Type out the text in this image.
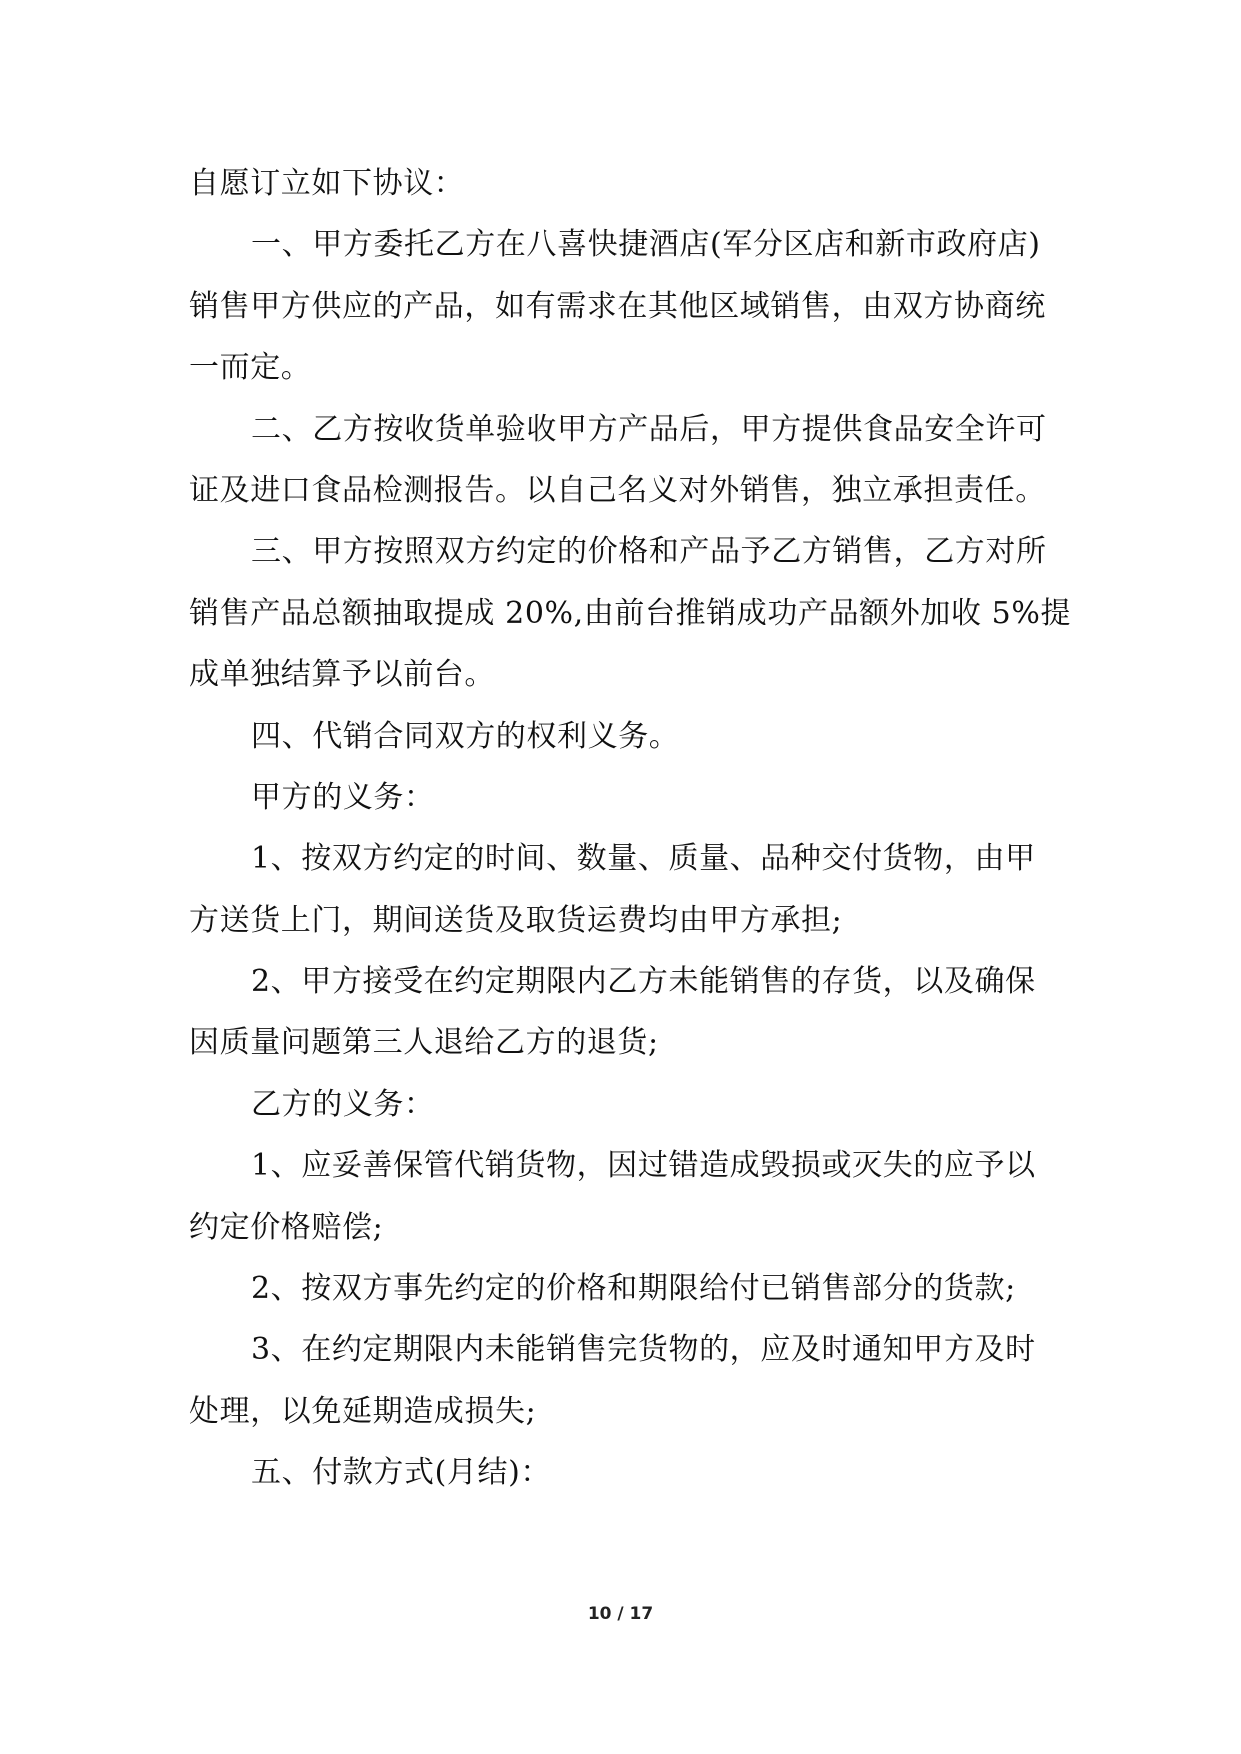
自愿订立如下协议：
一、甲方委托乙方在八喜快捷酒店(军分区店和新市政府店)
销售甲方供应的产品，如有需求在其他区域销售，由双方协商统
一而定。
二、乙方按收货单验收甲方产品后，甲方提供食品安全许可
证及进口食品检测报告。以自己名义对外销售，独立承担责任。
三、甲方按照双方约定的价格和产品予乙方销售，乙方对所
销售产品总额抽取提成 20%,由前台推销成功产品额外加收 5%提
成单独结算予以前台。
四、代销合同双方的权利义务。
甲方的义务：
1、按双方约定的时间、数量、质量、品种交付货物，由甲
方送货上门，期间送货及取货运费均由甲方承担;
2、甲方接受在约定期限内乙方未能销售的存货，以及确保
因质量问题第三人退给乙方的退货;
乙方的义务：
1、应妥善保管代销货物，因过错造成毁损或灭失的应予以
约定价格赔偿;
2、按双方事先约定的价格和期限给付已销售部分的货款;
3、在约定期限内未能销售完货物的，应及时通知甲方及时
处理，以免延期造成损失;
五、付款方式(月结)：
10 / 17
